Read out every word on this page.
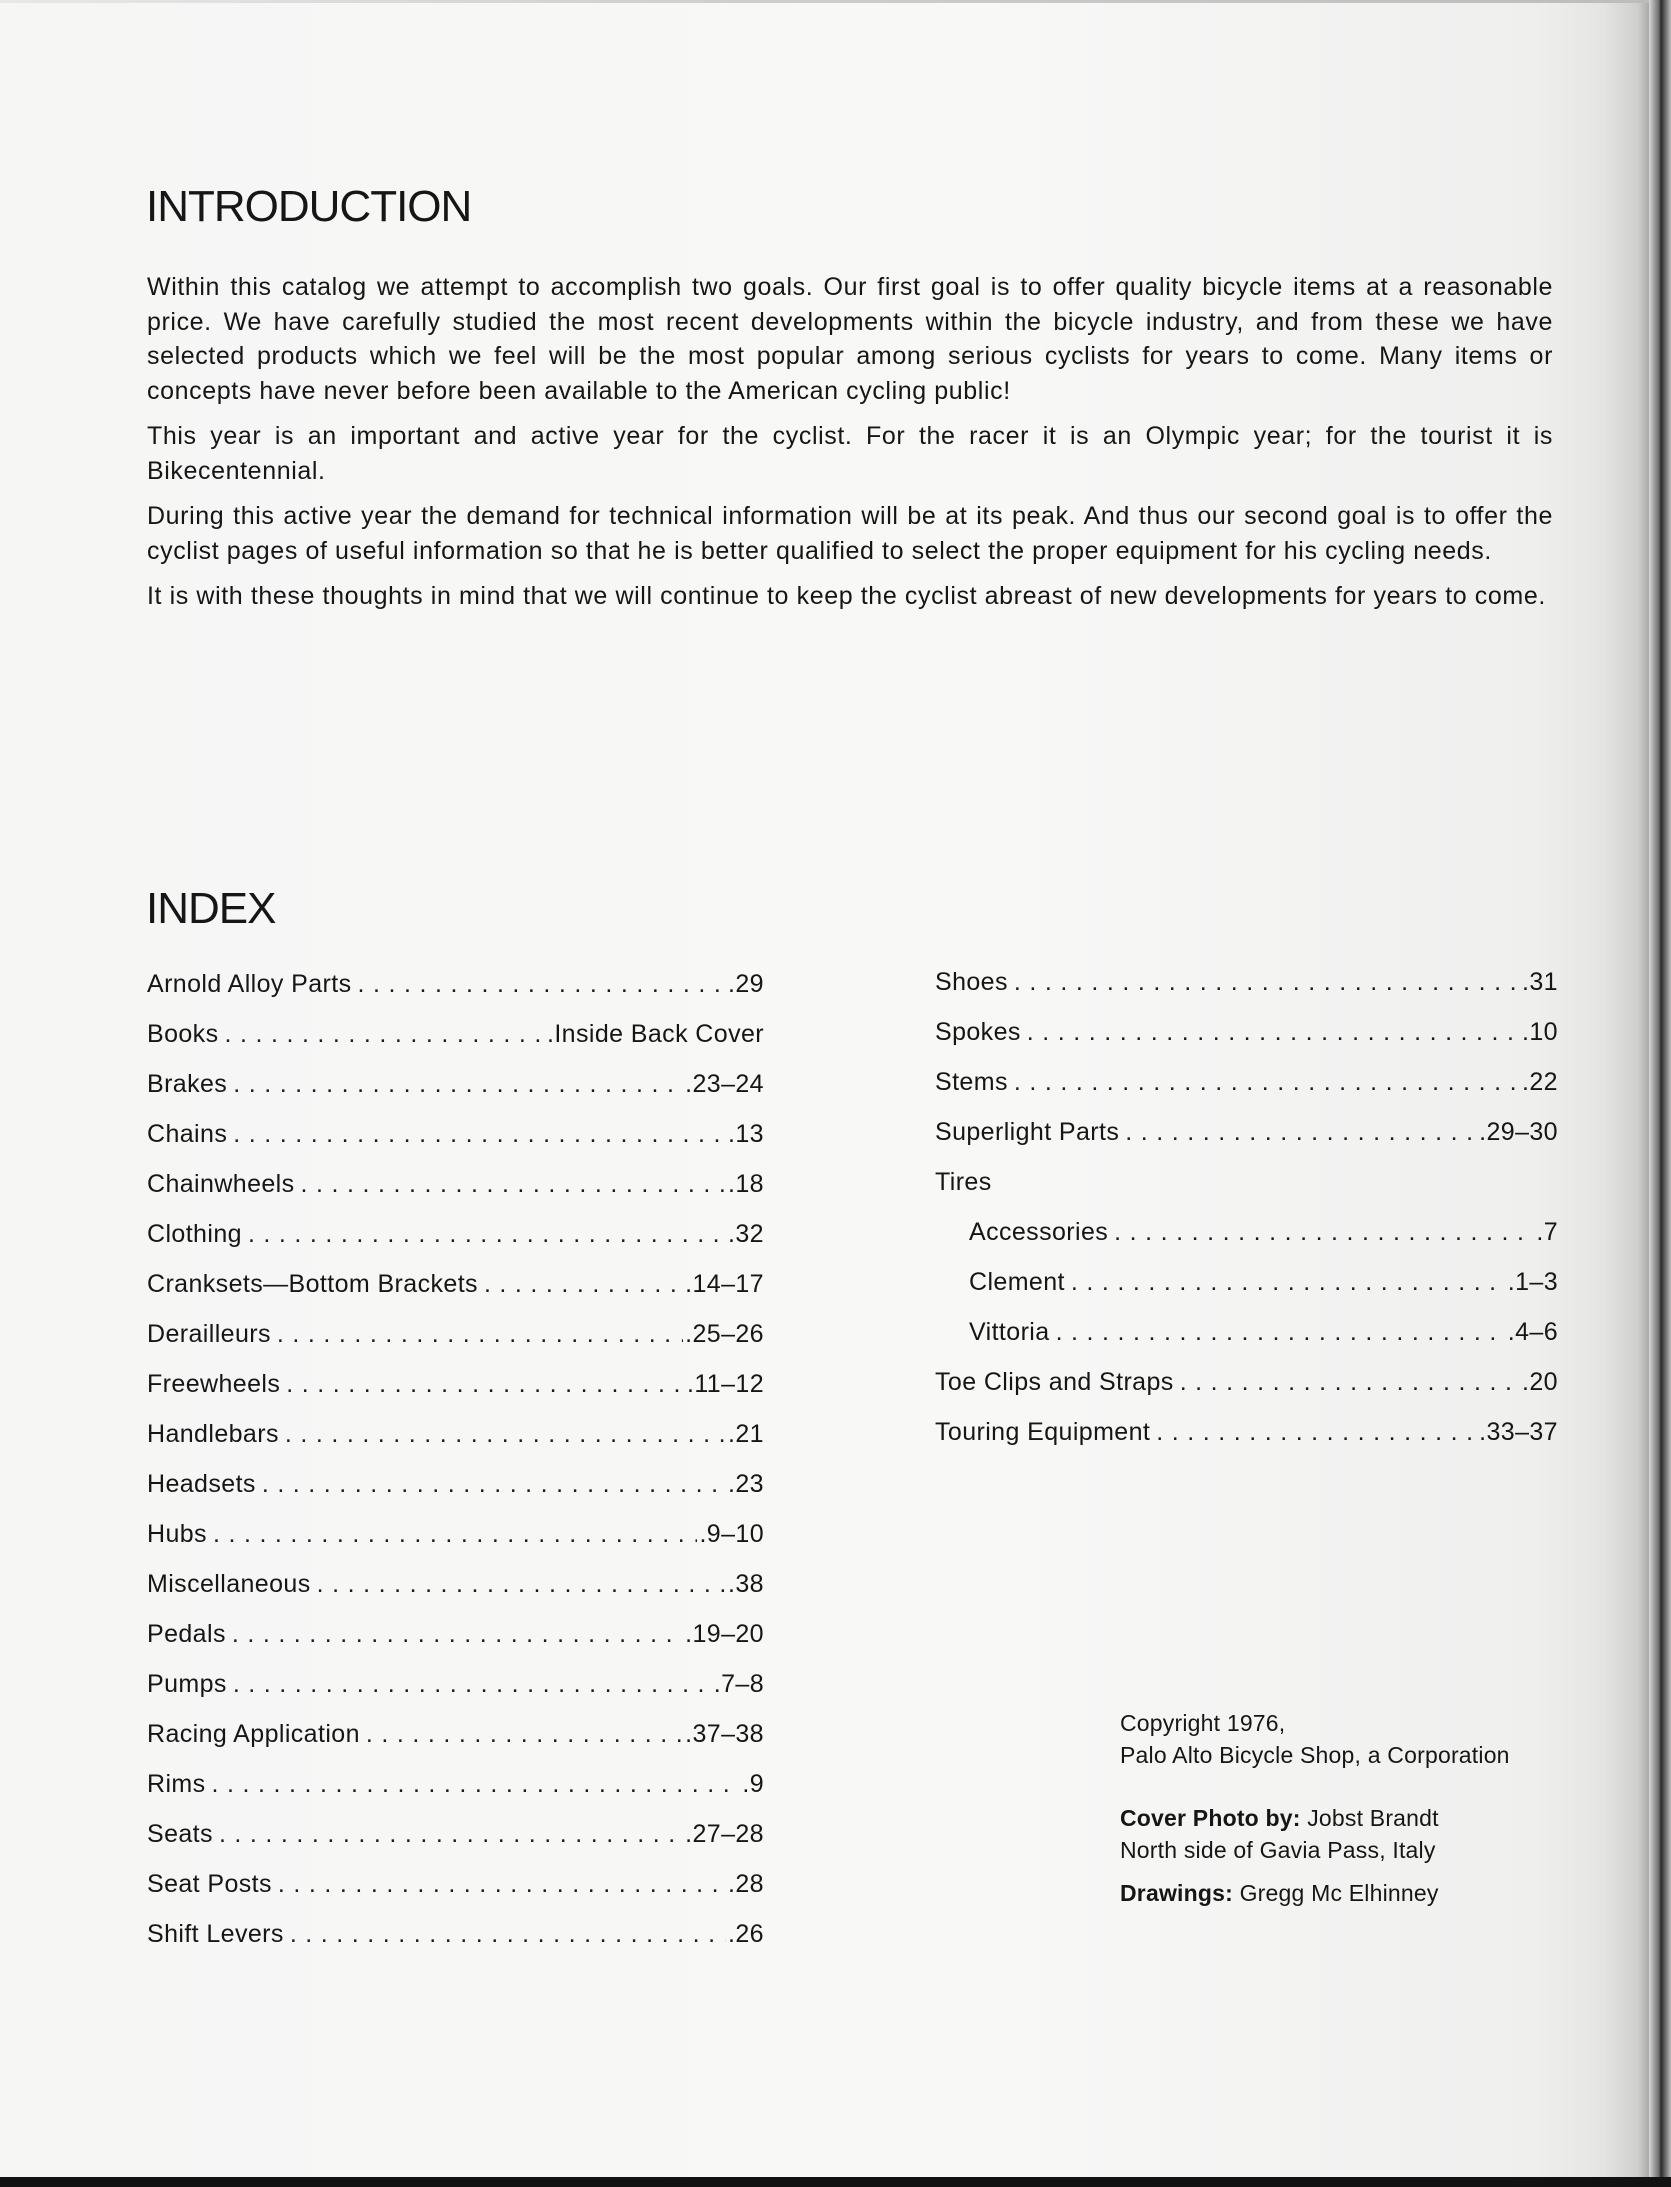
INTRODUCTION

Within this catalog we attempt to accomplish two goals. Our first goal is to offer quality bicycle items at a reasonable price. We have carefully studied the most recent developments within the bicycle industry, and from these we have selected products which we feel will be the most popular among serious cyclists for years to come. Many items or concepts have never before been available to the American cycling public!

This year is an important and active year for the cyclist. For the racer it is an Olympic year; for the tourist it is Bikecentennial.

During this active year the demand for technical information will be at its peak. And thus our second goal is to offer the cyclist pages of useful information so that he is better qualified to select the proper equipment for his cycling needs.

It is with these thoughts in mind that we will continue to keep the cyclist abreast of new developments for years to come.

INDEX
Arnold Alloy Parts . . .	.29
Books . . .	.Inside Back Cover
Brakes . . .	.23–24
Chains . . .	.13
Chainwheels . . .	.18
Clothing . . .	.32
Cranksets—Bottom Brackets . . .	.14–17
Derailleurs . . .	.25–26
Freewheels . . .	.11–12
Handlebars . . .	.21
Headsets . . .	.23
Hubs . . .	.9–10
Miscellaneous . . .	.38
Pedals . . .	.19–20
Pumps . . .	.7–8
Racing Application . . .	.37–38
Rims . . .	.9
Seats . . .	.27–28
Seat Posts . . .	.28
Shift Levers . . .	.26
Shoes . . .	.31
Spokes . . .	.10
Stems . . .	.22
Superlight Parts . . .	.29–30
Tires
Accessories . . .	.7
Clement . . .	.1–3
Vittoria . . .	.4–6
Toe Clips and Straps . . .	.20
Touring Equipment . . .	.33–37
Copyright 1976,
Palo Alto Bicycle Shop, a Corporation
Cover Photo by: Jobst Brandt
North side of Gavia Pass, Italy
Drawings: Gregg Mc Elhinney
